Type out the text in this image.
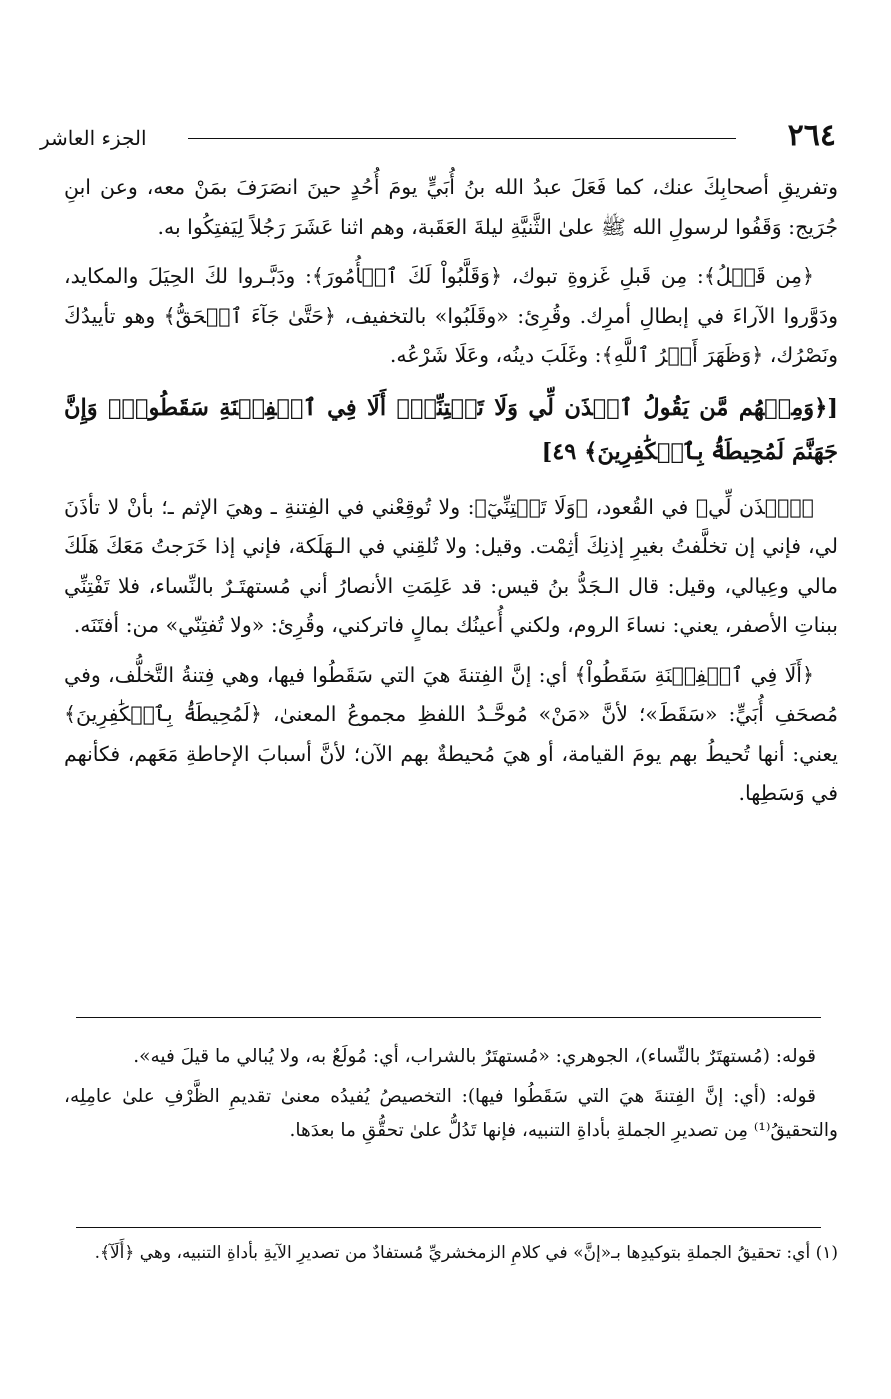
٢٦٤
الجزء العاشر

وتفريقِ أصحابِكَ عنك، كما فَعَلَ عبدُ الله بنُ أُبَيٍّ يومَ أُحُدٍ حينَ انصَرَفَ بمَنْ معه، وعن ابنِ جُرَيج: وَقَفُوا لرسولِ الله ﷺ علىٰ الثَّنيَّةِ ليلةَ العَقَبة، وهم اثنا عَشَرَ رَجُلاً لِيَفتِكُوا به.

﴿مِن قَبۡلُ﴾: مِن قَبلِ غَزوةِ تبوك، ﴿وَقَلَّبُواْ لَكَ ٱلۡأُمُورَ﴾: ودَبَّـروا لكَ الحِيَلَ والمكايد، ودَوَّروا الآراءَ في إبطالِ أمرِك. وقُرِئ: «وقَلَبُوا» بالتخفيف، ﴿حَتَّىٰ جَآءَ ٱلۡحَقُّ﴾ وهو تأييدُكَ ونَصْرُك، ﴿وَظَهَرَ أَمۡرُ ٱللَّهِ﴾: وغَلَبَ دينُه، وعَلَا شَرْعُه.

[﴿وَمِنۡهُم مَّن يَقُولُ ٱئۡذَن لِّي وَلَا تَفۡتِنِّيٓۚ أَلَا فِي ٱلۡفِتۡنَةِ سَقَطُواْۗ وَإِنَّ جَهَنَّمَ لَمُحِيطَةُۢ بِٱلۡكَٰفِرِينَ﴾ ٤٩]

﴿ٱئۡذَن لِّي﴾ في القُعود، ﴿وَلَا تَفۡتِنِّيٓ﴾: ولا تُوقِعْني في الفِتنةِ ـ وهيَ الإثم ـ؛ بأنْ لا تأذَنَ لي، فإني إن تخلَّفتُ بغيرِ إذنِكَ أثِمْت. وقيل: ولا تُلقِني في الـهَلَكة، فإني إذا خَرَجتُ مَعَكَ هَلَكَ مالي وعِيالي، وقيل: قال الـجَدُّ بنُ قيس: قد عَلِمَتِ الأنصارُ أني مُستهتَـرٌ بالنِّساء، فلا تَفْتِنِّي ببناتِ الأصفر، يعني: نساءَ الروم، ولكني أُعينُك بمالٍ فاتركني، وقُرِئ: «ولا تُفتِنّي» من: أفتَنَه.

﴿أَلَا فِي ٱلۡفِتۡنَةِ سَقَطُواْ﴾ أي: إنَّ الفِتنةَ هيَ التي سَقَطُوا فيها، وهي فِتنةُ التَّخلُّف، وفي مُصحَفِ أُبَيٍّ: «سَقَطَ»؛ لأنَّ «مَنْ» مُوحَّـدُ اللفظِ مجموعُ المعنىٰ، ﴿لَمُحِيطَةُۢ بِٱلۡكَٰفِرِينَ﴾ يعني: أنها تُحيطُ بهم يومَ القيامة، أو هيَ مُحيطةٌ بهم الآن؛ لأنَّ أسبابَ الإحاطةِ مَعَهم، فكأنهم في وَسَطِها.

قوله: (مُستهتَرٌ بالنِّساء)، الجوهري: «مُستهتَرٌ بالشراب، أي: مُولَعٌ به، ولا يُبالي ما قيلَ فيه».

قوله: (أي: إنَّ الفِتنةَ هيَ التي سَقَطُوا فيها): التخصيصُ يُفيدُه معنىٰ تقديمِ الظَّرْفِ علىٰ عامِلِه، والتحقيقُ⁽¹⁾ مِن تصديرِ الجملةِ بأداةِ التنبيه، فإنها تَدُلُّ علىٰ تحقُّقِ ما بعدَها.

(١) أي: تحقيقُ الجملةِ بتوكيدِها بـ«إنَّ» في كلامِ الزمخشريِّ مُستفادٌ من تصديرِ الآيةِ بأداةِ التنبيه، وهي ﴿أَلَآ﴾.
